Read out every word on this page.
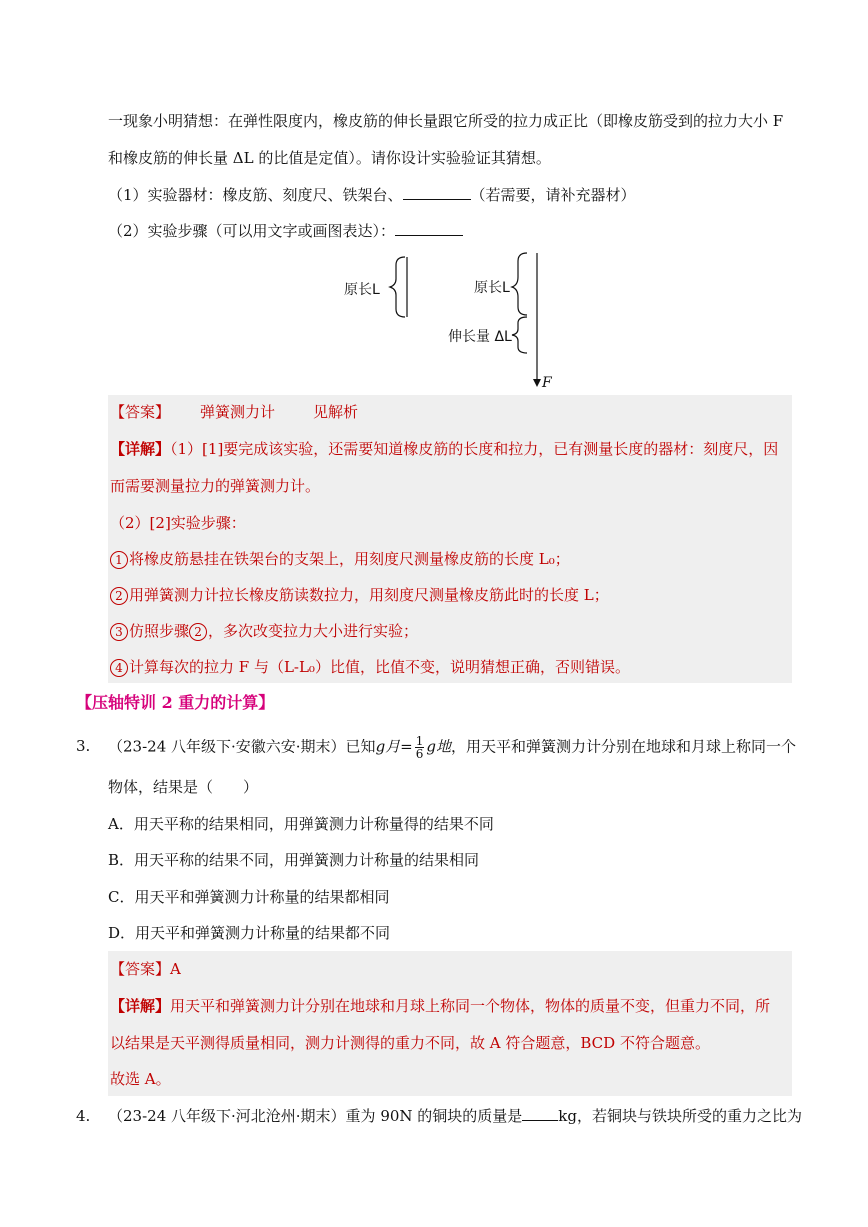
一现象小明猜想：在弹性限度内，橡皮筋的伸长量跟它所受的拉力成正比（即橡皮筋受到的拉力大小 F
和橡皮筋的伸长量 ΔL 的比值是定值）。请你设计实验验证其猜想。
（1）实验器材：橡皮筋、刻度尺、铁架台、	（若需要，请补充器材）
（2）实验步骤（可以用文字或画图表达）：
原长L	原长L
伸长量 ΔL
F
【答案】 弹簧测力计	见解析
【详解】（1）[1]要完成该实验，还需要知道橡皮筋的长度和拉力，已有测量长度的器材：刻度尺，因
而需要测量拉力的弹簧测力计。
（2）[2]实验步骤：
1 将橡皮筋悬挂在铁架台的支架上，用刻度尺测量橡皮筋的长度 L₀；
2 用弹簧测力计拉长橡皮筋读数拉力，用刻度尺测量橡皮筋此时的长度 L；
3 仿照步骤 2 ，多次改变拉力大小进行实验；
4 计算每次的拉力 F 与（L-L₀）比值，比值不变，说明猜想正确，否则错误。
【压轴特训 2 重力的计算】
3. （23-24 八年级下·安徽六安·期末）已知g月= $\frac{1}{6}$ g地，用天平和弹簧测力计分别在地球和月球上称同一个
物体，结果是（　　）
A．用天平称的结果相同，用弹簧测力计称量得的结果不同
B．用天平称的结果不同，用弹簧测力计称量的结果相同
C．用天平和弹簧测力计称量的结果都相同
D．用天平和弹簧测力计称量的结果都不同
【答案】A
【详解】用天平和弹簧测力计分别在地球和月球上称同一个物体，物体的质量不变，但重力不同，所
以结果是天平测得质量相同，测力计测得的重力不同，故 A 符合题意，BCD 不符合题意。
故选 A。
4. （23-24 八年级下·河北沧州·期末）重为 90N 的铜块的质量是 kg，若铜块与铁块所受的重力之比为
